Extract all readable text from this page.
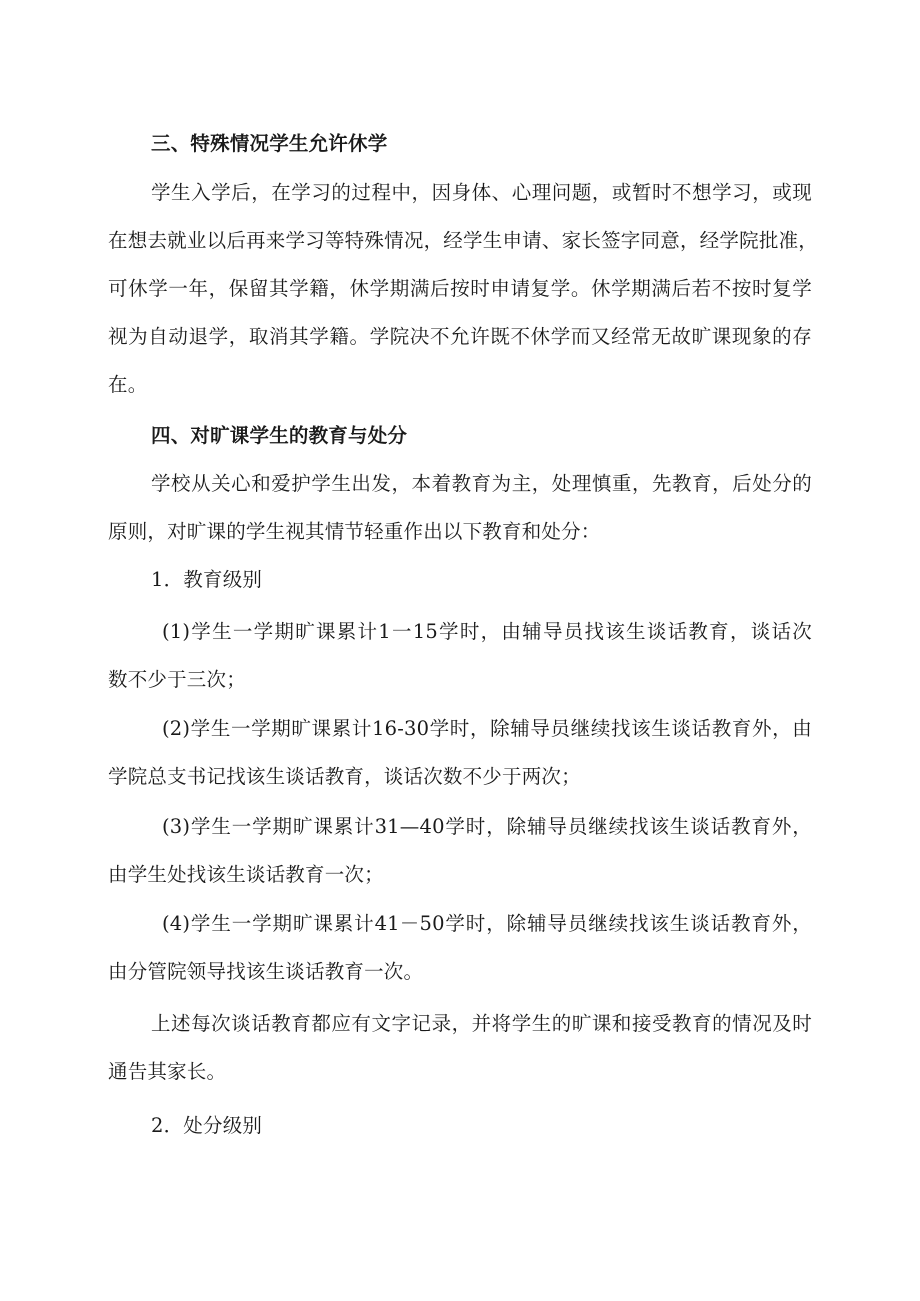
三、特殊情况学生允许休学
学生入学后，在学习的过程中，因身体、心理问题，或暂时不想学习，或现
在想去就业以后再来学习等特殊情况，经学生申请、家长签字同意，经学院批准，
可休学一年，保留其学籍，休学期满后按时申请复学。休学期满后若不按时复学
视为自动退学，取消其学籍。学院决不允许既不休学而又经常无故旷课现象的存
在。
四、对旷课学生的教育与处分
学校从关心和爱护学生出发，本着教育为主，处理慎重，先教育，后处分的
原则，对旷课的学生视其情节轻重作出以下教育和处分：
1．教育级别
(1)学生一学期旷课累计1一15学时，由辅导员找该生谈话教育，谈话次
数不少于三次；
(2)学生一学期旷课累计16-30学时，除辅导员继续找该生谈话教育外，由
学院总支书记找该生谈话教育，谈话次数不少于两次；
(3)学生一学期旷课累计31—40学时，除辅导员继续找该生谈话教育外，
由学生处找该生谈话教育一次；
(4)学生一学期旷课累计41－50学时，除辅导员继续找该生谈话教育外，
由分管院领导找该生谈话教育一次。
上述每次谈话教育都应有文字记录，并将学生的旷课和接受教育的情况及时
通告其家长。
2．处分级别
